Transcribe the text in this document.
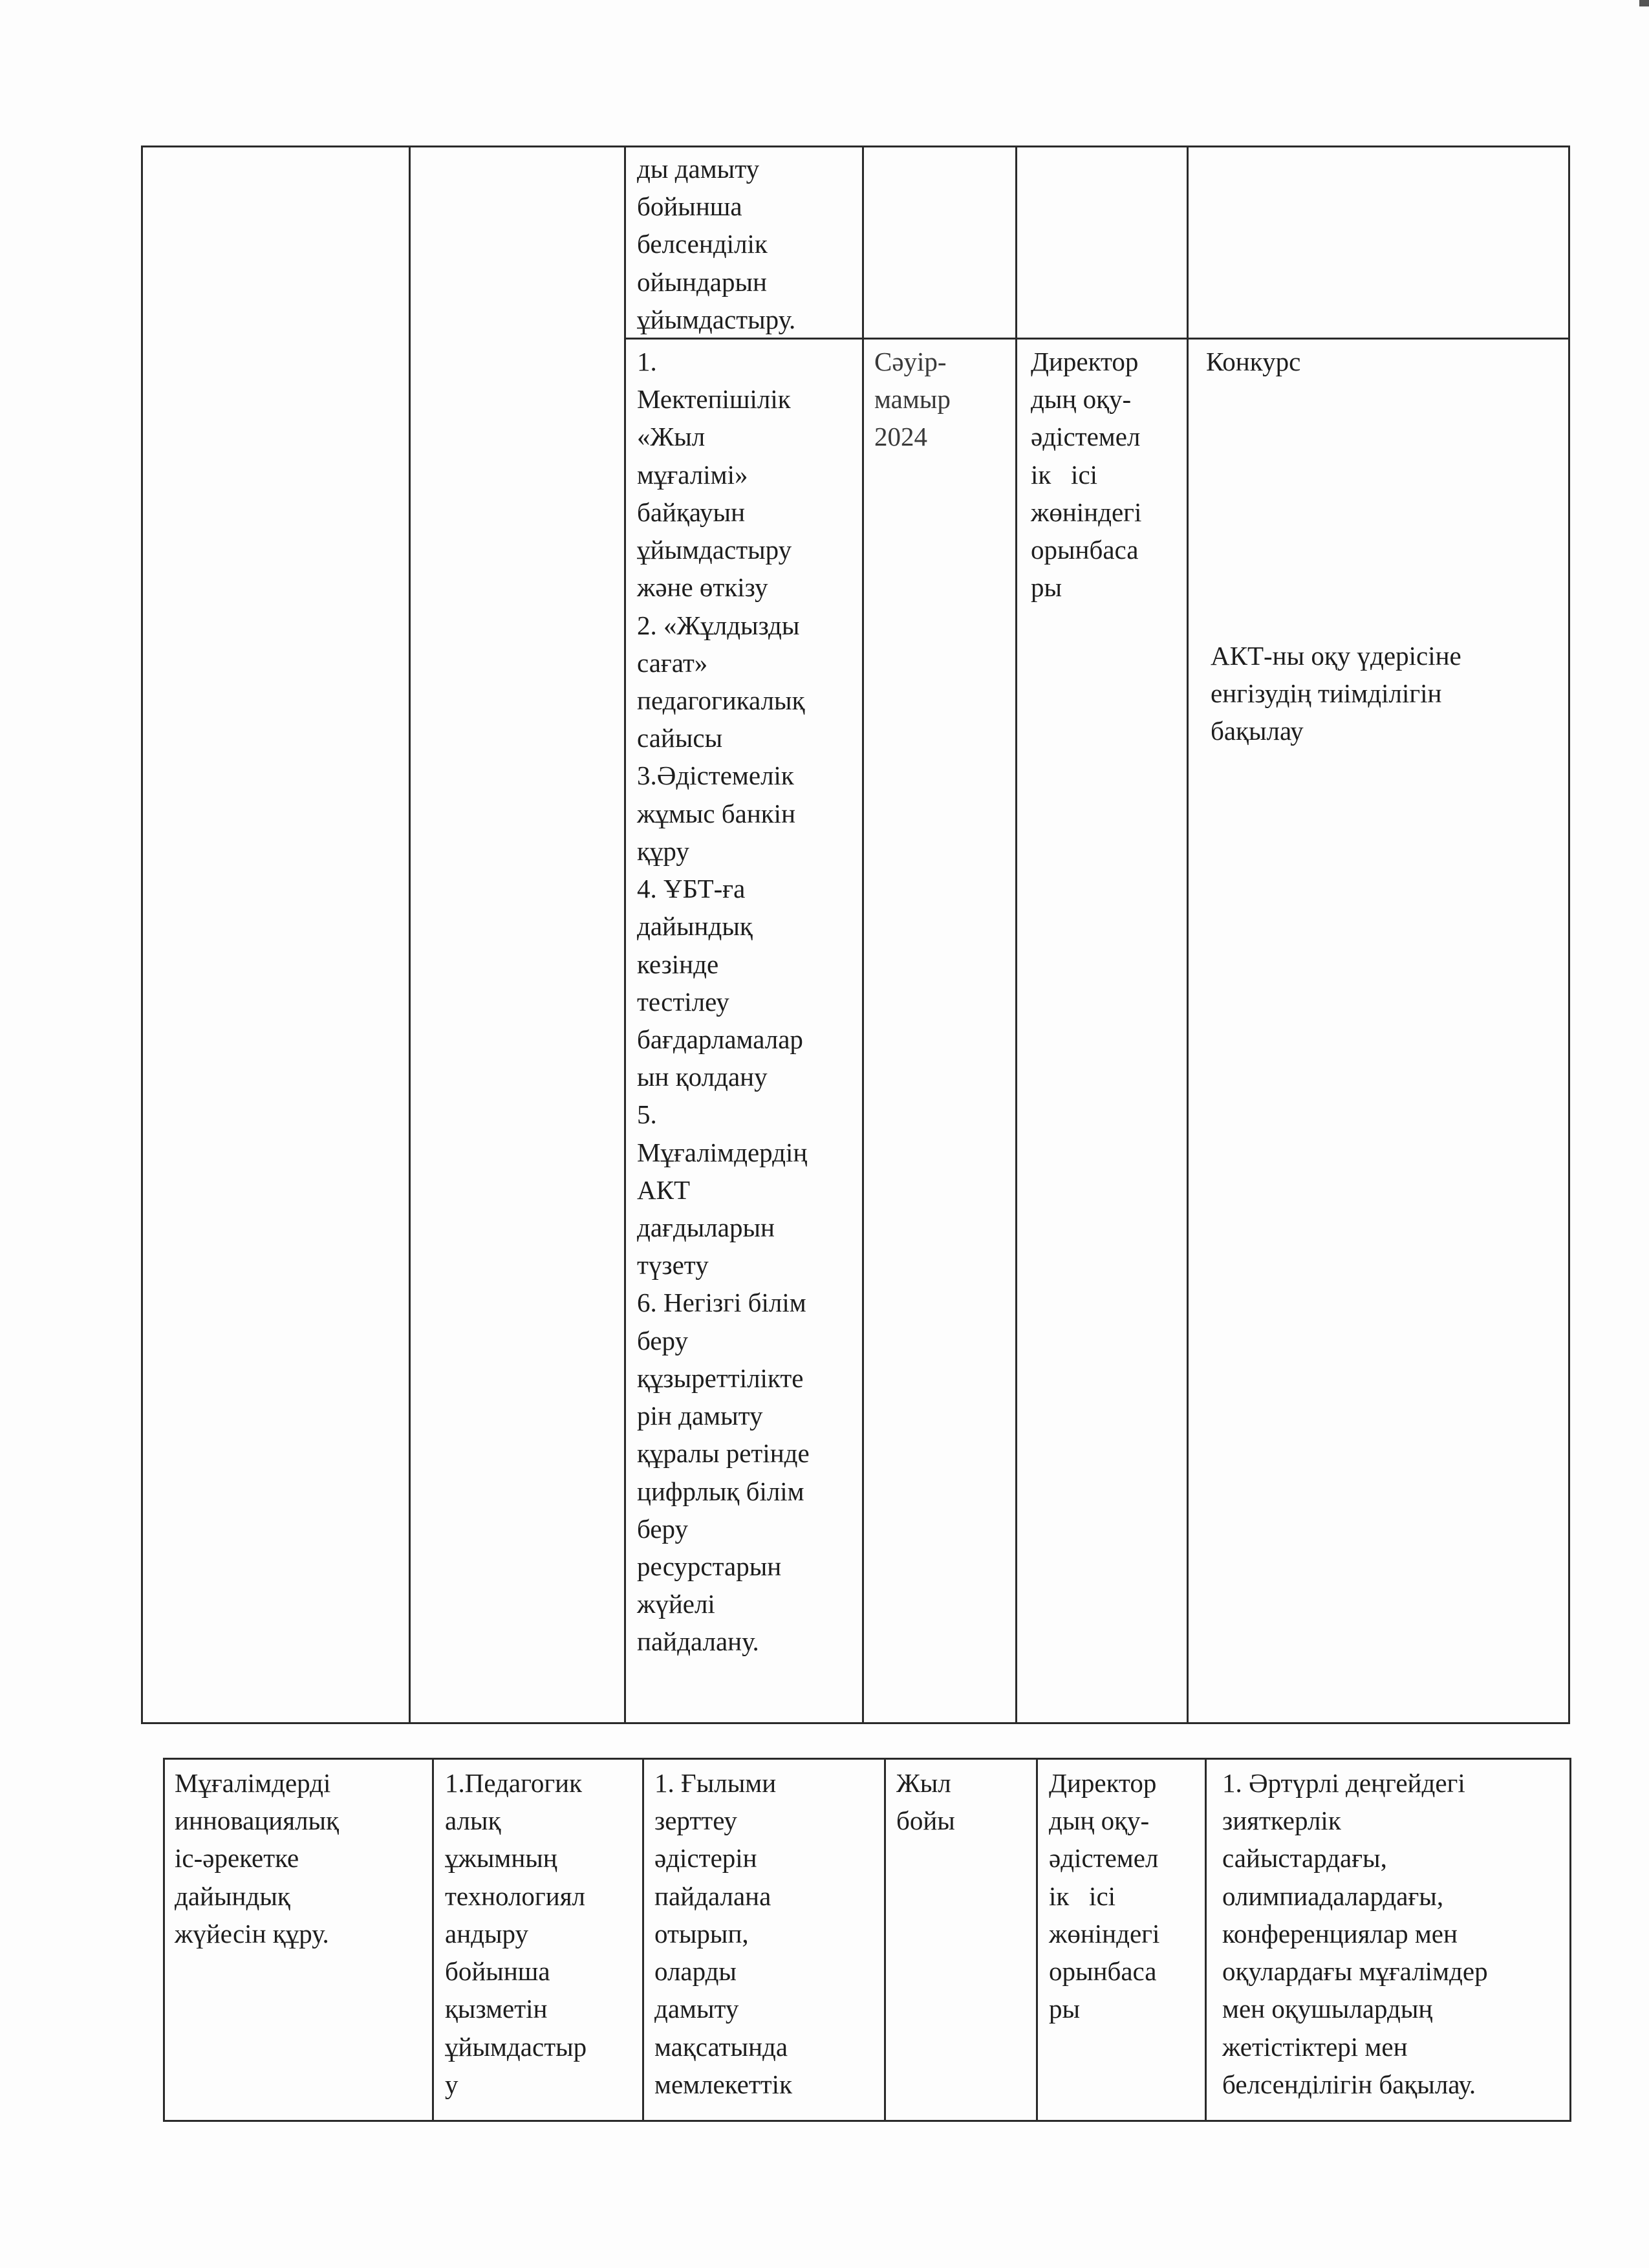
ды дамыту
бойынша
белсенділік
ойындарын
ұйымдастыру.
1.
Мектепішілік
«Жыл
мұғалімі»
байқауын
ұйымдастыру
және өткізу
2. «Жұлдызды
сағат»
педагогикалық
сайысы
3.Әдістемелік
жұмыс банкін
құру
4. ҰБТ-ға
дайындық
кезінде
тестілеу
бағдарламалар
ын қолдану
5.
Мұғалімдердің
АКТ
дағдыларын
түзету
6. Негізгі білім
беру
құзыреттілікте
рін дамыту
құралы ретінде
цифрлық білім
беру
ресурстарын
жүйелі
пайдалану.
Сәуір-
мамыр
2024
Директор
дың оқу-
әдістемел
ік   ісі
жөніндегі
орынбаса
ры
Конкурс
АКТ-ны оқу үдерісіне
енгізудің тиімділігін
бақылау
Мұғалімдерді
инновациялық
іс-әрекетке
дайындық
жүйесін құру.
1.Педагогик
алық
ұжымның
технологиял
андыру
бойынша
қызметін
ұйымдастыр
у
1. Ғылыми
зерттеу
әдістерін
пайдалана
отырып,
оларды
дамыту
мақсатында
мемлекеттік
Жыл
бойы
Директор
дың оқу-
әдістемел
ік   ісі
жөніндегі
орынбаса
ры
1. Әртүрлі деңгейдегі
зияткерлік
сайыстардағы,
олимпиадалардағы,
конференциялар мен
оқулардағы мұғалімдер
мен оқушылардың
жетістіктері мен
белсенділігін бақылау.
